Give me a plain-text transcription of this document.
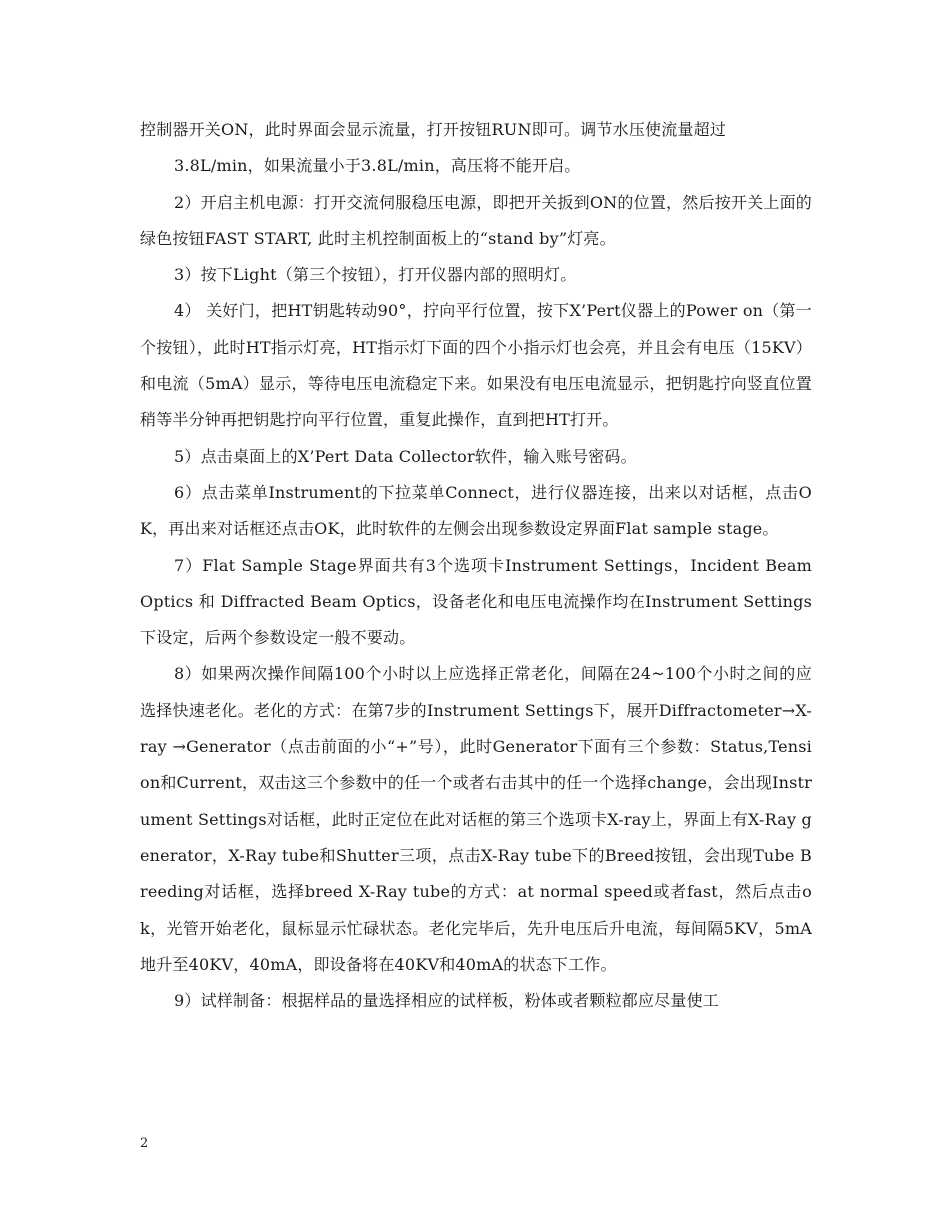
控制器开关ON，此时界面会显示流量，打开按钮RUN即可。调节水压使流量超过

3.8L/min，如果流量小于3.8L/min，高压将不能开启。

2）开启主机电源：打开交流伺服稳压电源，即把开关扳到ON的位置，然后按开关上面的绿色按钮FAST START, 此时主机控制面板上的“stand by”灯亮。

3）按下Light（第三个按钮），打开仪器内部的照明灯。

4） 关好门，把HT钥匙转动90°，拧向平行位置，按下X’Pert仪器上的Power on（第一个按钮），此时HT指示灯亮，HT指示灯下面的四个小指示灯也会亮，并且会有电压（15KV）和电流（5mA）显示，等待电压电流稳定下来。如果没有电压电流显示，把钥匙拧向竖直位置稍等半分钟再把钥匙拧向平行位置，重复此操作，直到把HT打开。

5）点击桌面上的X’Pert Data Collector软件，输入账号密码。

6）点击菜单Instrument的下拉菜单Connect，进行仪器连接，出来以对话框，点击OK，再出来对话框还点击OK，此时软件的左侧会出现参数设定界面Flat sample stage。

7）Flat Sample Stage界面共有3个选项卡Instrument Settings，Incident Beam Optics 和 Diffracted Beam Optics，设备老化和电压电流操作均在Instrument Settings下设定，后两个参数设定一般不要动。

8）如果两次操作间隔100个小时以上应选择正常老化，间隔在24~100个小时之间的应选择快速老化。老化的方式：在第7步的Instrument Settings下，展开Diffractometer→X-ray →Generator（点击前面的小“+”号），此时Generator下面有三个参数：Status,Tension和Current，双击这三个参数中的任一个或者右击其中的任一个选择change，会出现Instrument Settings对话框，此时正定位在此对话框的第三个选项卡X-ray上，界面上有X-Ray generator，X-Ray tube和Shutter三项，点击X-Ray tube下的Breed按钮，会出现Tube Breeding对话框，选择breed X-Ray tube的方式：at normal speed或者fast，然后点击ok，光管开始老化，鼠标显示忙碌状态。老化完毕后，先升电压后升电流，每间隔5KV，5mA地升至40KV，40mA，即设备将在40KV和40mA的状态下工作。

9）试样制备：根据样品的量选择相应的试样板，粉体或者颗粒都应尽量使工

2
